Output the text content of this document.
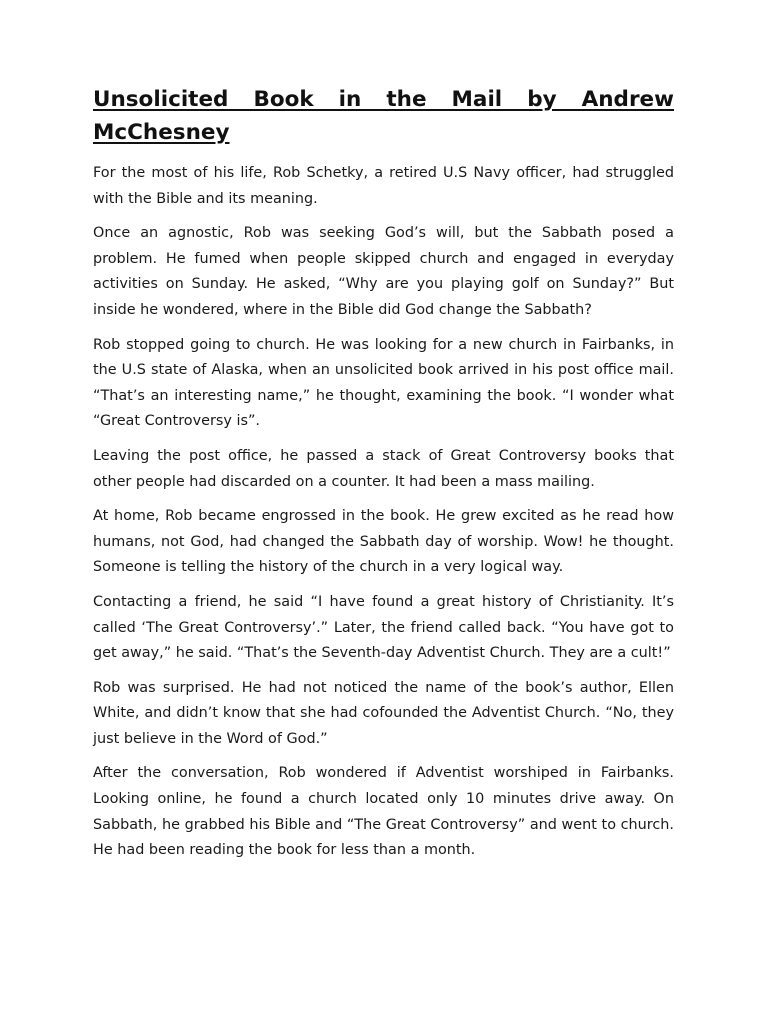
Unsolicited Book in the Mail by Andrew McChesney

For the most of his life, Rob Schetky, a retired U.S Navy officer, had struggled with the Bible and its meaning.

Once an agnostic, Rob was seeking God’s will, but the Sabbath posed a problem. He fumed when people skipped church and engaged in everyday activities on Sunday. He asked, “Why are you playing golf on Sunday?” But inside he wondered, where in the Bible did God change the Sabbath?

Rob stopped going to church. He was looking for a new church in Fairbanks, in the U.S state of Alaska, when an unsolicited book arrived in his post office mail. “That’s an interesting name,” he thought, examining the book. “I wonder what “Great Controversy is”.

Leaving the post office, he passed a stack of Great Controversy books that other people had discarded on a counter. It had been a mass mailing.

At home, Rob became engrossed in the book. He grew excited as he read how humans, not God, had changed the Sabbath day of worship. Wow! he thought. Someone is telling the history of the church in a very logical way.

Contacting a friend, he said “I have found a great history of Christianity. It’s called ‘The Great Controversy’.” Later, the friend called back. “You have got to get away,” he said. “That’s the Seventh-day Adventist Church. They are a cult!”

Rob was surprised. He had not noticed the name of the book’s author, Ellen White, and didn’t know that she had cofounded the Adventist Church. “No, they just believe in the Word of God.”

After the conversation, Rob wondered if Adventist worshiped in Fairbanks. Looking online, he found a church located only 10 minutes drive away. On Sabbath, he grabbed his Bible and “The Great Controversy” and went to church. He had been reading the book for less than a month.
